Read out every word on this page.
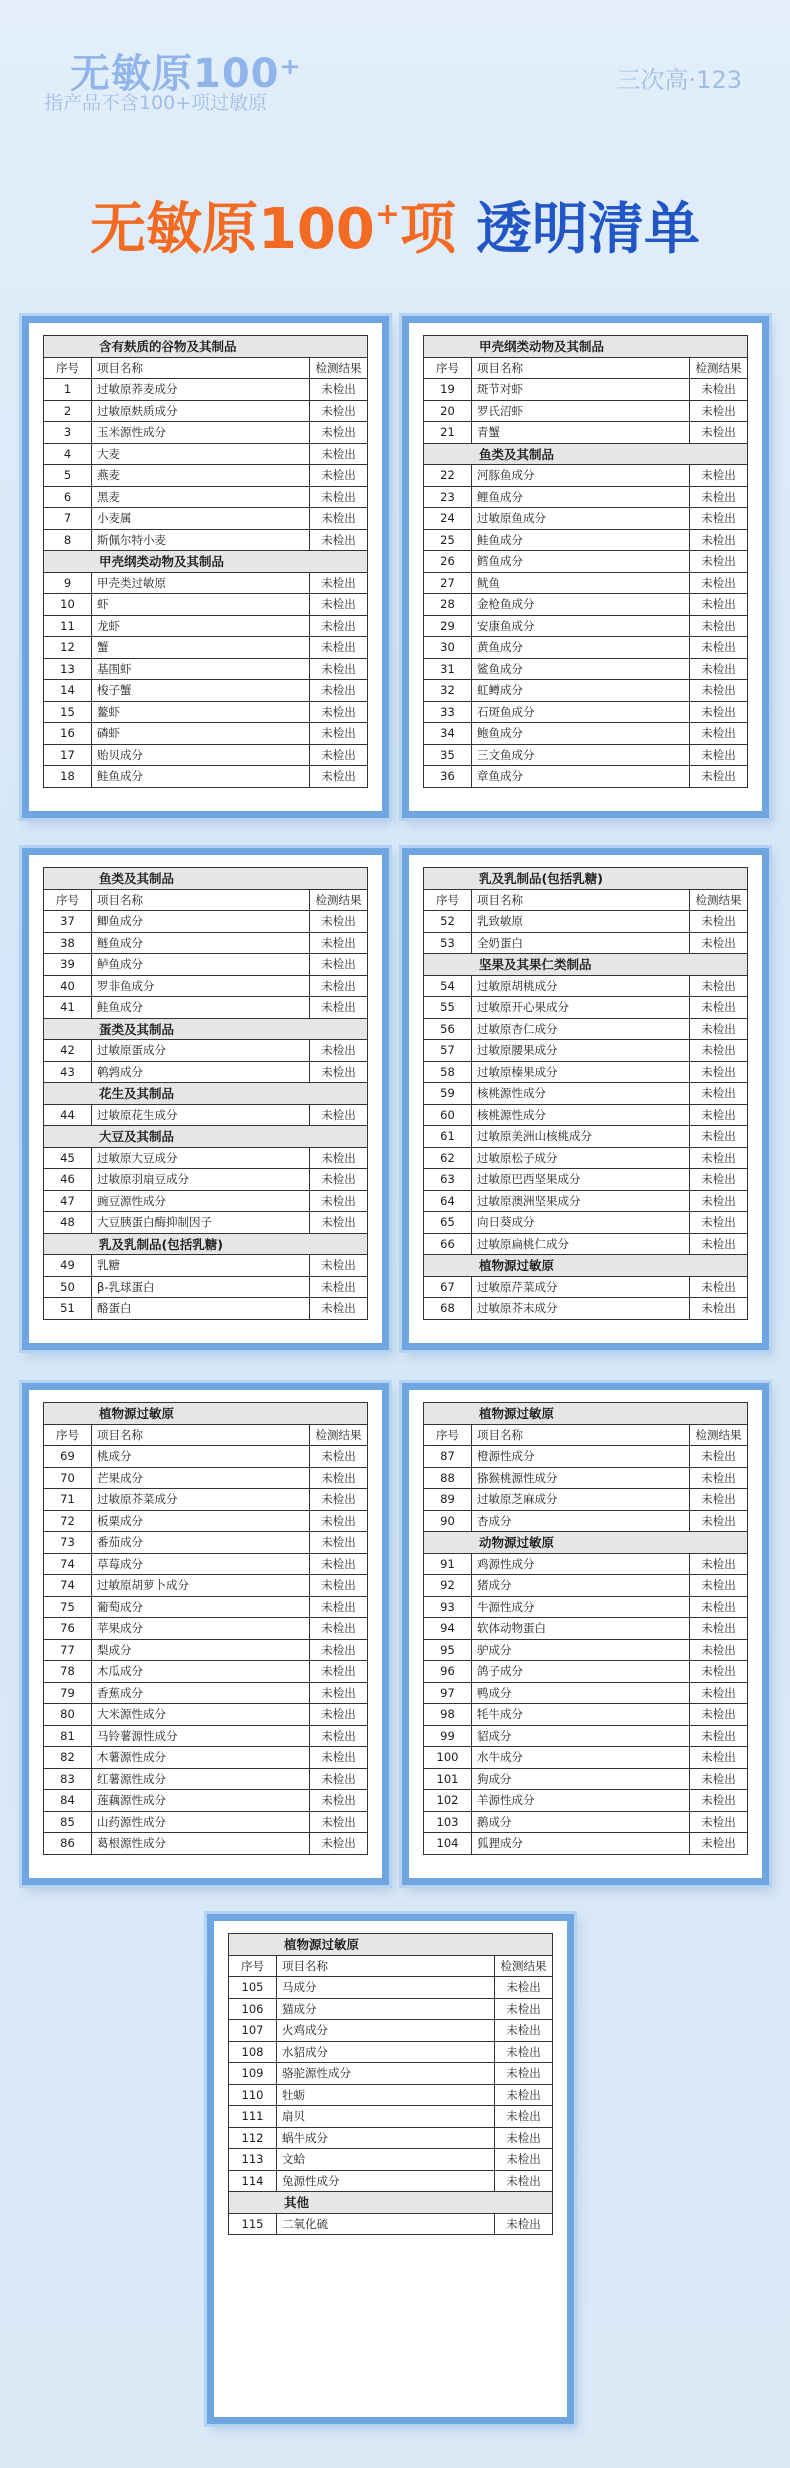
无敏原100⁺
指产品不含100+项过敏原
三次高·123
无敏原100+项 透明清单
含有麸质的谷物及其制品		
序号	项目名称	检测结果
1	过敏原荞麦成分	未检出
2	过敏原麸质成分	未检出
3	玉米源性成分	未检出
4	大麦	未检出
5	燕麦	未检出
6	黑麦	未检出
7	小麦属	未检出
8	斯佩尔特小麦	未检出
甲壳纲类动物及其制品		
9	甲壳类过敏原	未检出
10	虾	未检出
11	龙虾	未检出
12	蟹	未检出
13	基围虾	未检出
14	梭子蟹	未检出
15	鳌虾	未检出
16	磷虾	未检出
17	贻贝成分	未检出
18	鲑鱼成分	未检出
甲壳纲类动物及其制品		
序号	项目名称	检测结果
19	斑节对虾	未检出
20	罗氏沼虾	未检出
21	青蟹	未检出
鱼类及其制品		
22	河豚鱼成分	未检出
23	鲤鱼成分	未检出
24	过敏原鱼成分	未检出
25	鲑鱼成分	未检出
26	鳕鱼成分	未检出
27	鱿鱼	未检出
28	金枪鱼成分	未检出
29	安康鱼成分	未检出
30	黄鱼成分	未检出
31	鲨鱼成分	未检出
32	虹鳟成分	未检出
33	石斑鱼成分	未检出
34	鲍鱼成分	未检出
35	三文鱼成分	未检出
36	章鱼成分	未检出
鱼类及其制品		
序号	项目名称	检测结果
37	鲫鱼成分	未检出
38	鲢鱼成分	未检出
39	鲈鱼成分	未检出
40	罗非鱼成分	未检出
41	鲑鱼成分	未检出
蛋类及其制品		
42	过敏原蛋成分	未检出
43	鹌鹑成分	未检出
花生及其制品		
44	过敏原花生成分	未检出
大豆及其制品		
45	过敏原大豆成分	未检出
46	过敏原羽扇豆成分	未检出
47	豌豆源性成分	未检出
48	大豆胰蛋白酶抑制因子	未检出
乳及乳制品(包括乳糖)		
49	乳糖	未检出
50	β-乳球蛋白	未检出
51	酪蛋白	未检出
乳及乳制品(包括乳糖)		
序号	项目名称	检测结果
52	乳致敏原	未检出
53	全奶蛋白	未检出
坚果及其果仁类制品		
54	过敏原胡桃成分	未检出
55	过敏原开心果成分	未检出
56	过敏原杏仁成分	未检出
57	过敏原腰果成分	未检出
58	过敏原榛果成分	未检出
59	核桃源性成分	未检出
60	核桃源性成分	未检出
61	过敏原美洲山核桃成分	未检出
62	过敏原松子成分	未检出
63	过敏原巴西坚果成分	未检出
64	过敏原澳洲坚果成分	未检出
65	向日葵成分	未检出
66	过敏原扁桃仁成分	未检出
植物源过敏原		
67	过敏原芹菜成分	未检出
68	过敏原芥末成分	未检出
植物源过敏原		
序号	项目名称	检测结果
69	桃成分	未检出
70	芒果成分	未检出
71	过敏原芥菜成分	未检出
72	板栗成分	未检出
73	番茄成分	未检出
74	草莓成分	未检出
74	过敏原胡萝卜成分	未检出
75	葡萄成分	未检出
76	苹果成分	未检出
77	梨成分	未检出
78	木瓜成分	未检出
79	香蕉成分	未检出
80	大米源性成分	未检出
81	马铃薯源性成分	未检出
82	木薯源性成分	未检出
83	红薯源性成分	未检出
84	莲藕源性成分	未检出
85	山药源性成分	未检出
86	葛根源性成分	未检出
植物源过敏原		
序号	项目名称	检测结果
87	橙源性成分	未检出
88	猕猴桃源性成分	未检出
89	过敏原芝麻成分	未检出
90	杏成分	未检出
动物源过敏原		
91	鸡源性成分	未检出
92	猪成分	未检出
93	牛源性成分	未检出
94	软体动物蛋白	未检出
95	驴成分	未检出
96	鸽子成分	未检出
97	鸭成分	未检出
98	牦牛成分	未检出
99	貂成分	未检出
100	水牛成分	未检出
101	狗成分	未检出
102	羊源性成分	未检出
103	鹅成分	未检出
104	狐狸成分	未检出
植物源过敏原		
序号	项目名称	检测结果
105	马成分	未检出
106	猫成分	未检出
107	火鸡成分	未检出
108	水貂成分	未检出
109	骆驼源性成分	未检出
110	牡蛎	未检出
111	扇贝	未检出
112	蜗牛成分	未检出
113	文蛤	未检出
114	兔源性成分	未检出
其他		
115	二氧化硫	未检出
